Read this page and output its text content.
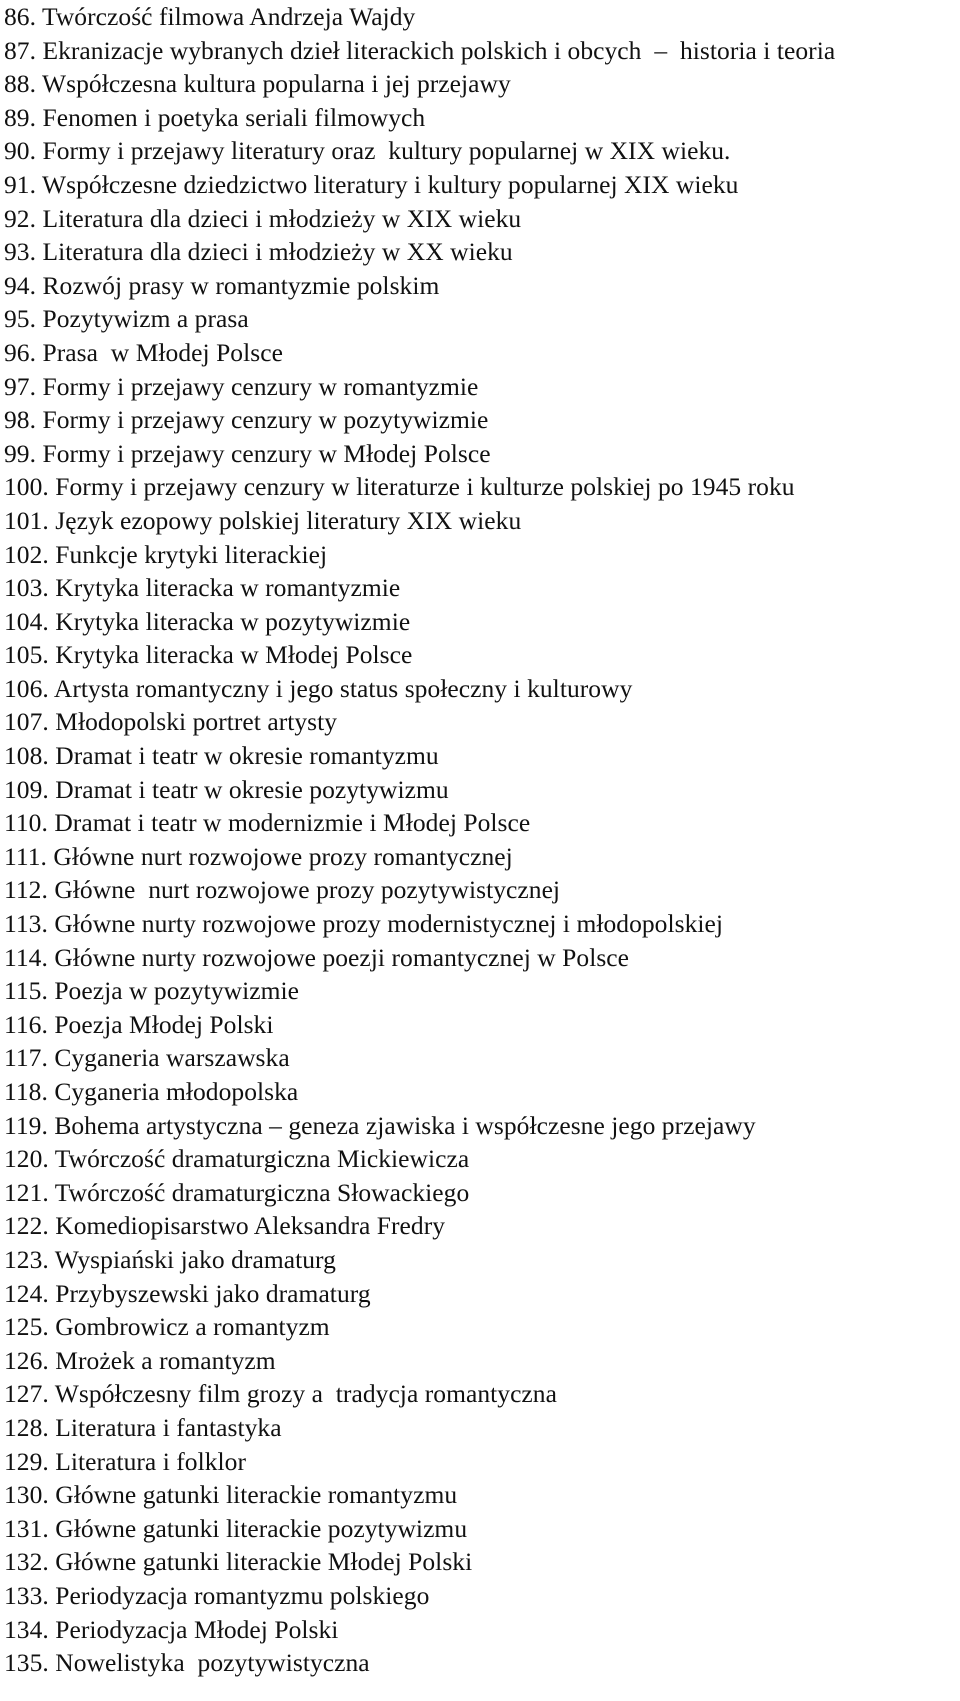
86. Twórczość filmowa Andrzeja Wajdy
87. Ekranizacje wybranych dzieł literackich polskich i obcych  –  historia i teoria
88. Współczesna kultura popularna i jej przejawy
89. Fenomen i poetyka seriali filmowych
90. Formy i przejawy literatury oraz  kultury popularnej w XIX wieku.
91. Współczesne dziedzictwo literatury i kultury popularnej XIX wieku
92. Literatura dla dzieci i młodzieży w XIX wieku
93. Literatura dla dzieci i młodzieży w XX wieku
94. Rozwój prasy w romantyzmie polskim
95. Pozytywizm a prasa
96. Prasa  w Młodej Polsce
97. Formy i przejawy cenzury w romantyzmie
98. Formy i przejawy cenzury w pozytywizmie
99. Formy i przejawy cenzury w Młodej Polsce
100. Formy i przejawy cenzury w literaturze i kulturze polskiej po 1945 roku
101. Język ezopowy polskiej literatury XIX wieku
102. Funkcje krytyki literackiej
103. Krytyka literacka w romantyzmie
104. Krytyka literacka w pozytywizmie
105. Krytyka literacka w Młodej Polsce
106. Artysta romantyczny i jego status społeczny i kulturowy
107. Młodopolski portret artysty
108. Dramat i teatr w okresie romantyzmu
109. Dramat i teatr w okresie pozytywizmu
110. Dramat i teatr w modernizmie i Młodej Polsce
111. Główne nurt rozwojowe prozy romantycznej
112. Główne  nurt rozwojowe prozy pozytywistycznej
113. Główne nurty rozwojowe prozy modernistycznej i młodopolskiej
114. Główne nurty rozwojowe poezji romantycznej w Polsce
115. Poezja w pozytywizmie
116. Poezja Młodej Polski
117. Cyganeria warszawska
118. Cyganeria młodopolska
119. Bohema artystyczna – geneza zjawiska i współczesne jego przejawy
120. Twórczość dramaturgiczna Mickiewicza
121. Twórczość dramaturgiczna Słowackiego
122. Komediopisarstwo Aleksandra Fredry
123. Wyspiański jako dramaturg
124. Przybyszewski jako dramaturg
125. Gombrowicz a romantyzm
126. Mrożek a romantyzm
127. Współczesny film grozy a  tradycja romantyczna
128. Literatura i fantastyka
129. Literatura i folklor
130. Główne gatunki literackie romantyzmu
131. Główne gatunki literackie pozytywizmu
132. Główne gatunki literackie Młodej Polski
133. Periodyzacja romantyzmu polskiego
134. Periodyzacja Młodej Polski
135. Nowelistyka  pozytywistyczna
